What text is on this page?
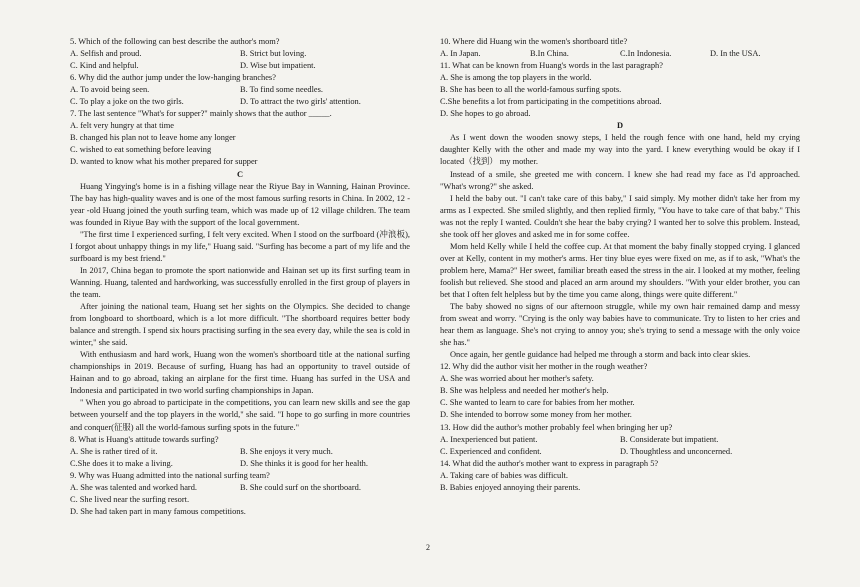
5. Which of the following can best describe the author's mom?
A. Selfish and proud.	B. Strict but loving.
C. Kind and helpful.	D. Wise but impatient.
6. Why did the author jump under the low-hanging branches?
A. To avoid being seen.	B. To find some needles.
C. To play a joke on the two girls.	D. To attract the two girls' attention.
7. The last sentence "What's for supper?" mainly shows that the author _____.
A. felt very hungry at that time
B. changed his plan not to leave home any longer
C. wished to eat something before leaving
D. wanted to know what his mother prepared for supper
C
Huang Yingying's home is in a fishing village near the Riyue Bay in Wanning, Hainan Province. The bay has high-quality waves and is one of the most famous surfing resorts in China. In 2002, 12 -year -old Huang joined the youth surfing team, which was made up of 12 village children. The team was founded in Riyue Bay with the support of the local government.
"The first time I experienced surfing, I felt very excited. When I stood on the surfboard (冲浪板), I forgot about unhappy things in my life," Huang said. "Surfing has become a part of my life and the surfboard is my best friend."
In 2017, China began to promote the sport nationwide and Hainan set up its first surfing team in Wanning. Huang, talented and hardworking, was successfully enrolled in the first group of players in the team.
After joining the national team, Huang set her sights on the Olympics. She decided to change from longboard to shortboard, which is a lot more difficult. "The shortboard requires better body balance and strength. I spend six hours practising surfing in the sea every day, while the sea is cold in winter," she said.
With enthusiasm and hard work, Huang won the women's shortboard title at the national surfing championships in 2019. Because of surfing, Huang has had an opportunity to travel outside of Hainan and to go abroad, taking an airplane for the first time. Huang has surfed in the USA and Indonesia and participated in two world surfing championships in Japan.
" When you go abroad to participate in the competitions, you can learn new skills and see the gap between yourself and the top players in the world," she said. "I hope to go surfing in more countries and conquer(征服) all the world-famous surfing spots in the future."
8. What is Huang's attitude towards surfing?
A. She is rather tired of it.	B. She enjoys it very much.
C.She does it to make a living.	D. She thinks it is good for her health.
9. Why was Huang admitted into the national surfing team?
A. She was talented and worked hard.	B. She could surf on the shortboard.
C. She lived near the surfing resort.
D. She had taken part in many famous competitions.
10. Where did Huang win the women's shortboard title?
A. In Japan.	B.In China.	C.In Indonesia.	D. In the USA.
11. What can be known from Huang's words in the last paragraph?
A. She is among the top players in the world.
B. She has been to all the world-famous surfing spots.
C.She benefits a lot from participating in the competitions abroad.
D. She hopes to go abroad.
D
As I went down the wooden snowy steps, I held the rough fence with one hand, held my crying daughter Kelly with the other and made my way into the yard. I knew everything would be okay if I located（找到） my mother.
Instead of a smile, she greeted me with concern. I knew she had read my face as I'd approached. "What's wrong?" she asked.
I held the baby out. "I can't take care of this baby," I said simply. My mother didn't take her from my arms as I expected. She smiled slightly, and then replied firmly, "You have to take care of that baby." This was not the reply I wanted. Couldn't she hear the baby crying? I wanted her to solve this problem. Instead, she took off her gloves and asked me in for some coffee.
Mom held Kelly while I held the coffee cup. At that moment the baby finally stopped crying. I glanced over at Kelly, content in my mother's arms. Her tiny blue eyes were fixed on me, as if to ask, "What's the problem here, Mama?" Her sweet, familiar breath eased the stress in the air. I looked at my mother, feeling foolish but relieved. She stood and placed an arm around my shoulders. "With your elder brother, you can bet that I often felt helpless but by the time you came along, things were quite different."
The baby showed no signs of our afternoon struggle, while my own hair remained damp and messy from sweat and worry. "Crying is the only way babies have to communicate. Try to listen to her cries and hear them as language. She's not crying to annoy you; she's trying to send a message with the only voice she has."
Once again, her gentle guidance had helped me through a storm and back into clear skies.
12. Why did the author visit her mother in the rough weather?
A. She was worried about her mother's safety.
B. She was helpless and needed her mother's help.
C. She wanted to learn to care for babies from her mother.
D. She intended to borrow some money from her mother.
13. How did the author's mother probably feel when bringing her up?
A. Inexperienced but patient.	B. Considerate but impatient.
C. Experienced and confident.	D. Thoughtless and unconcerned.
14. What did the author's mother want to express in paragraph 5?
A. Taking care of babies was difficult.
B. Babies enjoyed annoying their parents.
2
